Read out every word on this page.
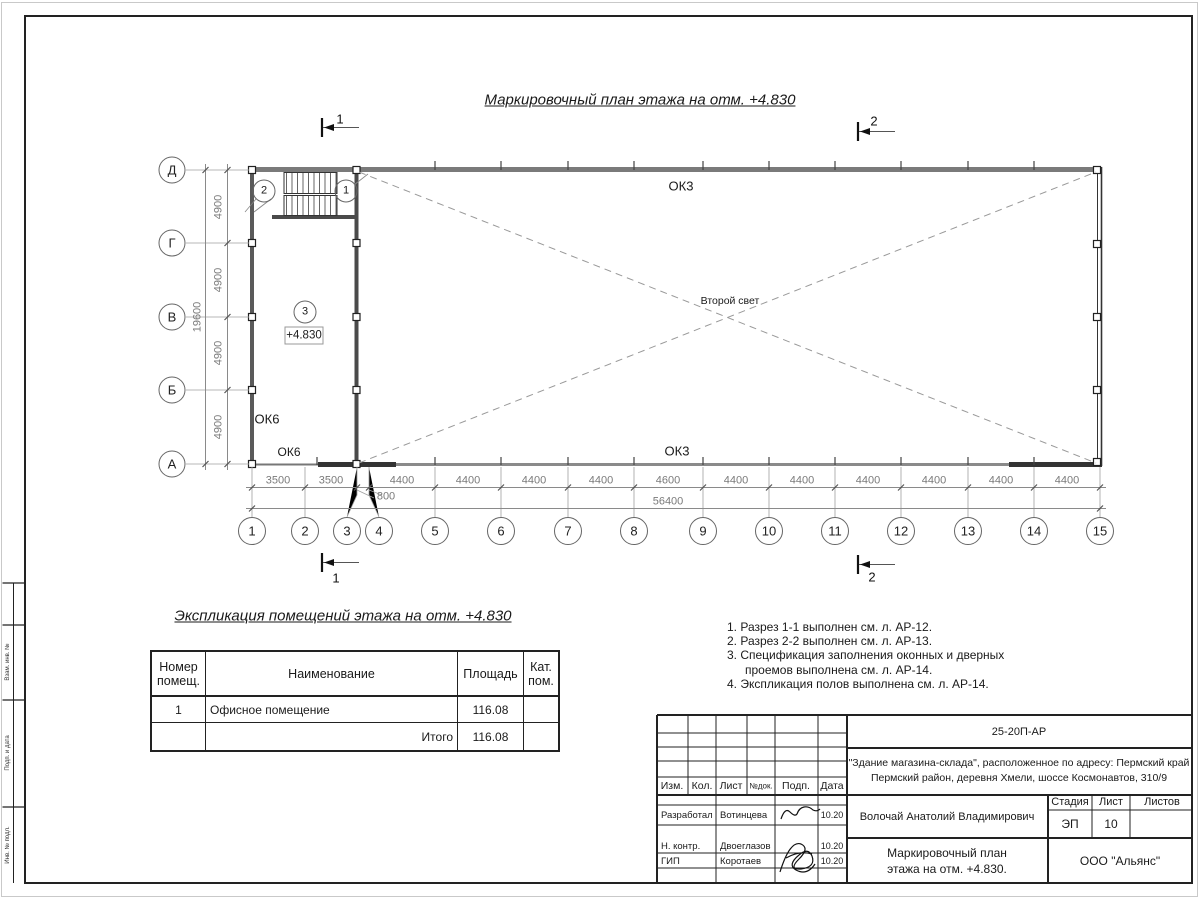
Маркировочный план этажа на отм. +4.830
ОК3
ОК3
ОК6
ОК6
Второй свет
+4.830
2	1
3
Д
Г
В
Б
А
1	2	3 4	5	6	7	8	9	10	11	12	13	14	15
1	2
1	2
3500	3500	4400	4400	4400	4400	4600	4400	4400	4400	4400	4400	4400
800	56400
4900
4900
4900
4900
19600
Экспликация помещений этажа на отм. +4.830
Номер помещ.	Наименование	Площадь	Кат. пом.
1	Офисное помещение	116.08	
	Итого	116.08	
1. Разрез 1-1 выполнен см. л. АР-12.
2. Разрез 2-2 выполнен см. л. АР-13.
3. Спецификация заполнения оконных и дверных
проемов выполнена см. л. АР-14.
4. Экспликация полов выполнена см. л. АР-14.
25-20П-АР
"Здание магазина-склада", расположенное по адресу: Пермский край
Пермский район, деревня Хмели, шоссе Космонавтов, 310/9
Изм. Кол. Лист №док. Подп. Дата
Разработал Вотинцева	10.20
Н. контр. Двоеглазов	10.20
ГИП	Коротаев	10.20
Волочай Анатолий Владимирович
Стадия Лист Листов
ЭП 10
Маркировочный план
этажа на отм. +4.830.
ООО "Альянс"
Взам. инв. №
Подп. и дата
Инв. № подл.
